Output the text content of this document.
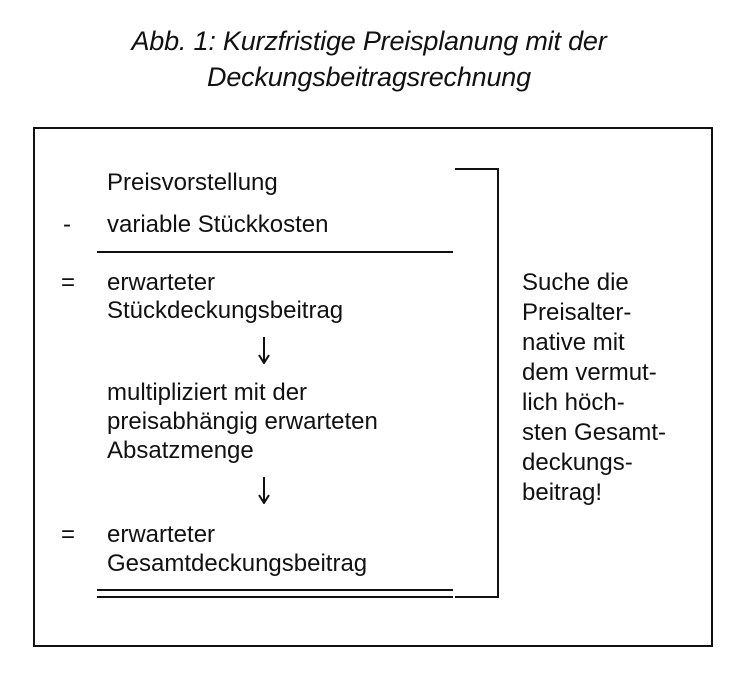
Abb. 1: Kurzfristige Preisplanung mit der
Deckungsbeitragsrechnung
Preisvorstellung
- variable Stückkosten
= erwarteter
Stückdeckungsbeitrag
multipliziert mit der
preisabhängig erwarteten
Absatzmenge
= erwarteter
Gesamtdeckungsbeitrag
Suche die
Preisalter-
native mit
dem vermut-
lich höch-
sten Gesamt-
deckungs-
beitrag!
